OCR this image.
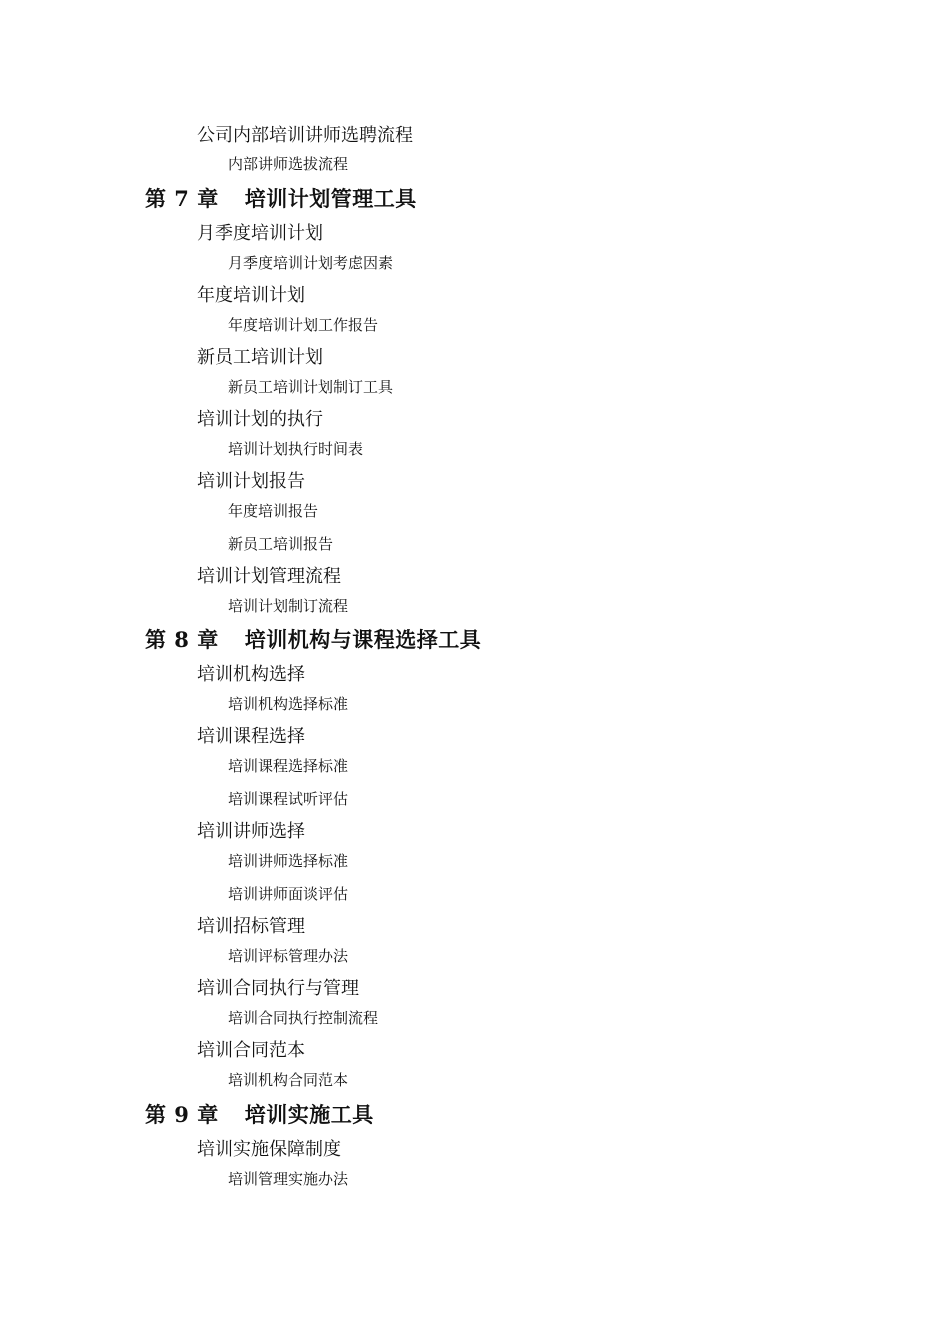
公司内部培训讲师选聘流程
内部讲师选拔流程
第 7 章 培训计划管理工具
月季度培训计划
月季度培训计划考虑因素
年度培训计划
年度培训计划工作报告
新员工培训计划
新员工培训计划制订工具
培训计划的执行
培训计划执行时间表
培训计划报告
年度培训报告
新员工培训报告
培训计划管理流程
培训计划制订流程
第 8 章 培训机构与课程选择工具
培训机构选择
培训机构选择标准
培训课程选择
培训课程选择标准
培训课程试听评估
培训讲师选择
培训讲师选择标准
培训讲师面谈评估
培训招标管理
培训评标管理办法
培训合同执行与管理
培训合同执行控制流程
培训合同范本
培训机构合同范本
第 9 章 培训实施工具
培训实施保障制度
培训管理实施办法
